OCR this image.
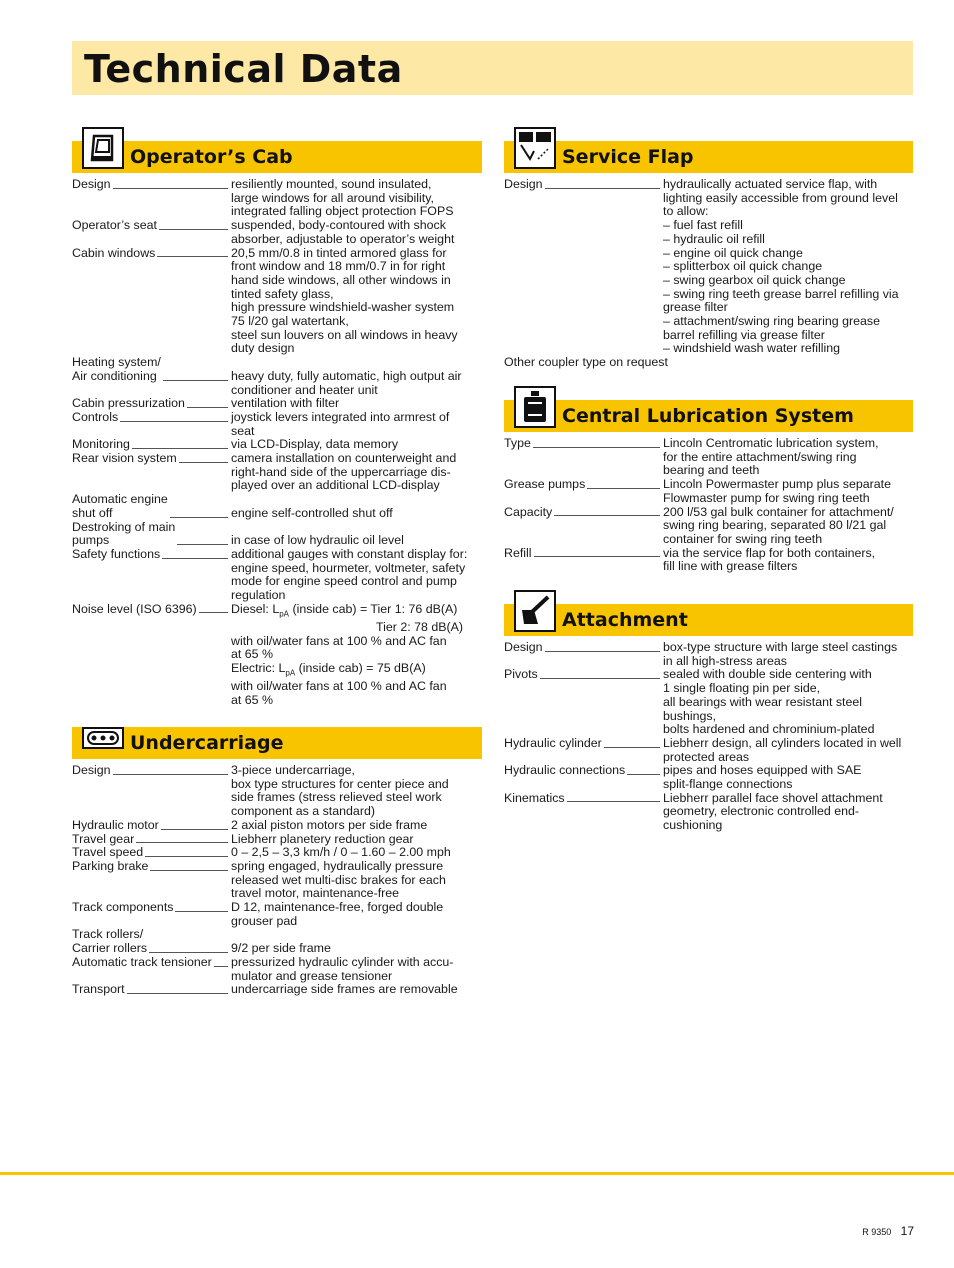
Technical Data
Operator’s Cab
Design	resiliently mounted, sound insulated,
large windows for all around visibility,
integrated falling object protection FOPS
Operator’s seat	suspended, body-contoured with shock
absorber, adjustable to operator’s weight
Cabin windows	20,5 mm/0.8 in tinted armored glass for
front window and 18 mm/0.7 in for right
hand side windows, all other windows in
tinted safety glass,
high pressure windshield-washer system
75 l/20 gal watertank,
steel sun louvers on all windows in heavy
duty design
Heating system/
Air conditioning	heavy duty, fully automatic, high output air
conditioner and heater unit
Cabin pressurization	ventilation with filter
Controls	joystick levers integrated into armrest of
seat
Monitoring	via LCD-Display, data memory
Rear vision system	camera installation on counterweight and
right-hand side of the uppercarriage dis-
played over an additional LCD-display
Automatic engine
shut off	engine self-controlled shut off
Destroking of main
pumps	in case of low hydraulic oil level
Safety functions	additional gauges with constant display for:
engine speed, hourmeter, voltmeter, safety
mode for engine speed control and pump
regulation
Noise level (ISO 6396)	Diesel: $L_{pA}$ (inside cab) = Tier 1: 76 dB(A)
Tier 2: 78 dB(A)
with oil/water fans at 100 % and AC fan
at 65 %
Electric: $L_{pA}$ (inside cab) = 75 dB(A)
with oil/water fans at 100 % and AC fan
at 65 %
Undercarriage
Design	3-piece undercarriage,
box type structures for center piece and
side frames (stress relieved steel work
component as a standard)
Hydraulic motor	2 axial piston motors per side frame
Travel gear	Liebherr planetery reduction gear
Travel speed	0 – 2,5 – 3,3 km/h / 0 – 1.60 – 2.00 mph
Parking brake	spring engaged, hydraulically pressure
released wet multi-disc brakes for each
travel motor, maintenance-free
Track components	D 12, maintenance-free, forged double
grouser pad
Track rollers/
Carrier rollers	9/2 per side frame
Automatic track tensioner pressurized hydraulic cylinder with accu-
mulator and grease tensioner
Transport	undercarriage side frames are removable
Service Flap
Design	hydraulically actuated service flap, with
lighting easily accessible from ground level
to allow:
– fuel fast refill
– hydraulic oil refill
– engine oil quick change
– splitterbox oil quick change
– swing gearbox oil quick change
– swing ring teeth grease barrel refilling via
grease filter
– attachment/swing ring bearing grease
barrel refilling via grease filter
– windshield wash water refilling
Other coupler type on request
Central Lubrication System
Type	Lincoln Centromatic lubrication system,
for the entire attachment/swing ring
bearing and teeth
Grease pumps	Lincoln Powermaster pump plus separate
Flowmaster pump for swing ring teeth
Capacity	200 l/53 gal bulk container for attachment/
swing ring bearing, separated 80 l/21 gal
container for swing ring teeth
Refill	via the service flap for both containers,
fill line with grease filters
Attachment
Design	box-type structure with large steel castings
in all high-stress areas
Pivots	sealed with double side centering with
1 single floating pin per side,
all bearings with wear resistant steel
bushings,
bolts hardened and chrominium-plated
Hydraulic cylinder	Liebherr design, all cylinders located in well
protected areas
Hydraulic connections	pipes and hoses equipped with SAE
split-flange connections
Kinematics	Liebherr parallel face shovel attachment
geometry, electronic controlled end-
cushioning
R 9350 17
